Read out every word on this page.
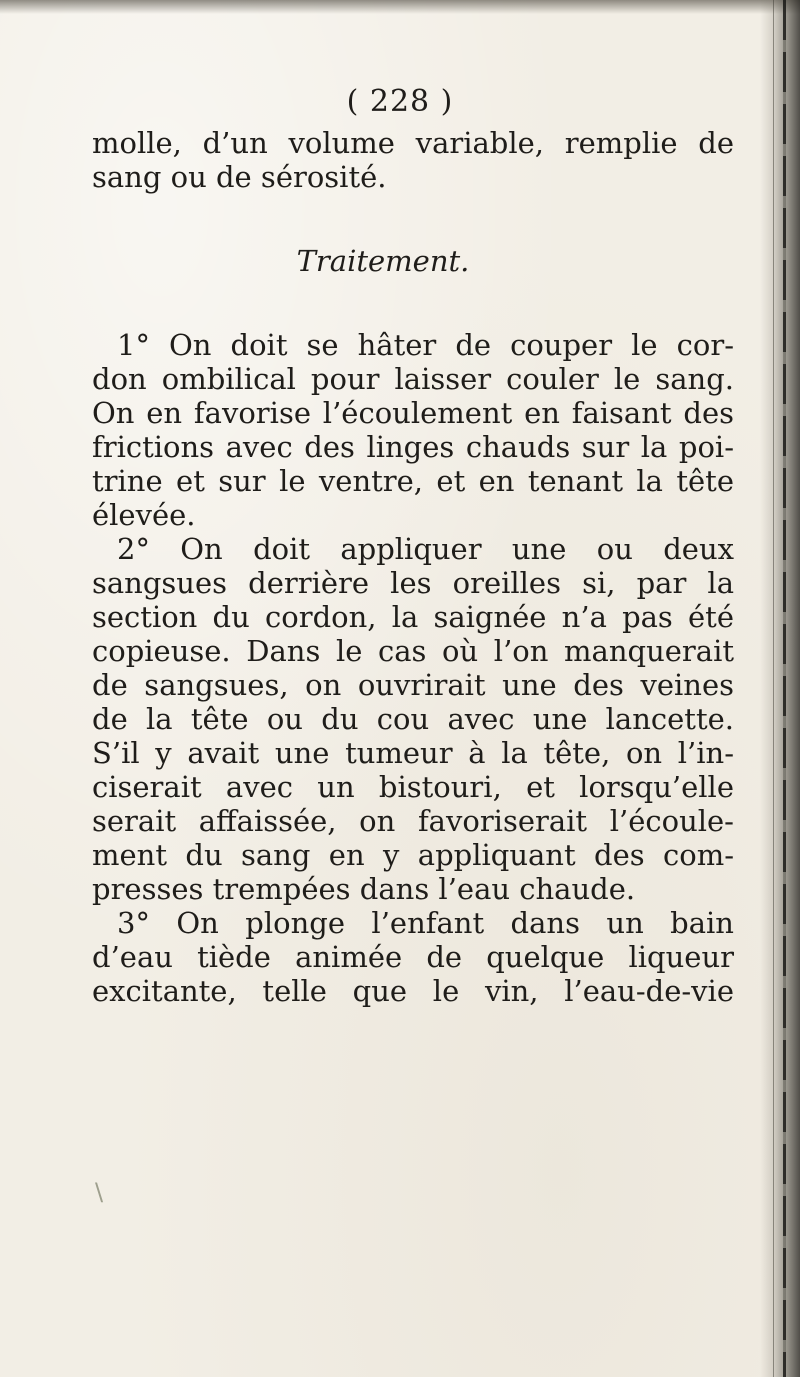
( 228 )
molle, d’un volume variable, remplie de
sang ou de sérosité.
Traitement.
1° On doit se hâter de couper le cor-
don ombilical pour laisser couler le sang.
On en favorise l’écoulement en faisant des
frictions avec des linges chauds sur la poi-
trine et sur le ventre, et en tenant la tête
élevée.
2° On doit appliquer une ou deux
sangsues derrière les oreilles si, par la
section du cordon, la saignée n’a pas été
copieuse. Dans le cas où l’on manquerait
de sangsues, on ouvrirait une des veines
de la tête ou du cou avec une lancette.
S’il y avait une tumeur à la tête, on l’in-
ciserait avec un bistouri, et lorsqu’elle
serait affaissée, on favoriserait l’écoule-
ment du sang en y appliquant des com-
presses trempées dans l’eau chaude.
3° On plonge l’enfant dans un bain
d’eau tiède animée de quelque liqueur
excitante, telle que le vin, l’eau-de-vie
\
